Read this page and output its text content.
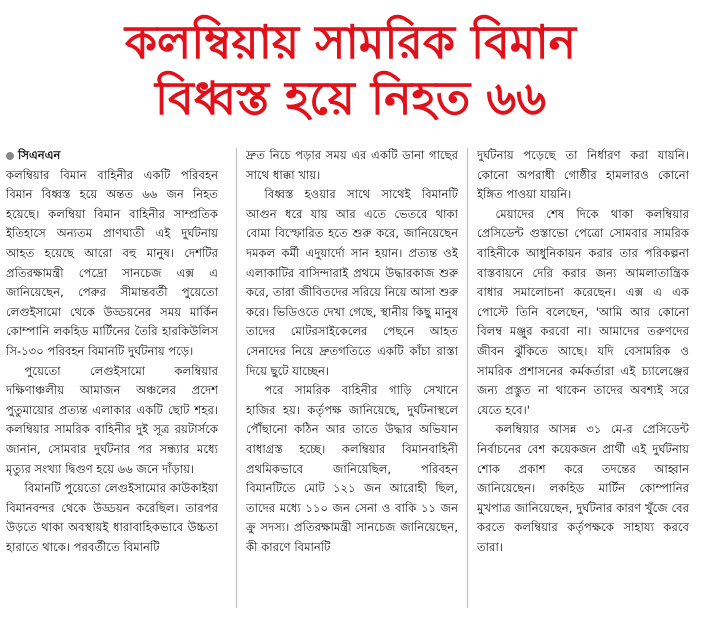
কলম্বিয়ায় সামরিক বিমান
বিধ্বস্ত হয়ে নিহত ৬৬
সিএনএন

কলম্বিয়ার বিমান বাহিনীর একটি পরিবহন বিমান বিধ্বস্ত হয়ে অন্তত ৬৬ জন নিহত হয়েছে। কলম্বিয়া বিমান বাহিনীর সাম্প্রতিক ইতিহাসে অন্যতম প্রাণঘাতী এই দুর্ঘটনায় আহত হয়েছে আরো বহু মানুষ। দেশটির প্রতিরক্ষামন্ত্রী পেদ্রো সানচেজ এক্স এ জানিয়েছেন, পেরুর সীমান্তবর্তী পুয়েতো লেগুইসামো থেকে উড্ডয়নের সময় মার্কিন কোম্পানি লকহিড মার্টিনের তৈরি হারকিউলিস সি-১৩০ পরিবহন বিমানটি দুর্ঘটনায় পড়ে।

পুয়েতো লেগুইসামো কলম্বিয়ার দক্ষিণাঞ্চলীয় আমাজন অঞ্চলের প্রদেশ পুতুমায়োর প্রত্যন্ত এলাকার একটি ছোট শহর। কলম্বিয়ার সামরিক বাহিনীর দুই সূত্র রয়টার্সকে জানান, সোমবার দুর্ঘটনার পর সন্ধ্যার মধ্যে মৃত্যুর সংখ্যা দ্বিগুণ হয়ে ৬৬ জনে দাঁড়ায়।

বিমানটি পুয়েতো লেগুইসামোর কাউকাইয়া বিমানবন্দর থেকে উড্ডয়ন করেছিল। তারপর উড়তে থাকা অবস্থায়ই ধারাবাহিকভাবে উচ্চতা হারাতে থাকে। পরবর্তীতে বিমানটি

দ্রুত নিচে পড়ার সময় এর একটি ডানা গাছের সাথে ধাক্কা খায়।

বিধ্বস্ত হওয়ার সাথে সাথেই বিমানটি আগুন ধরে যায় আর এতে ভেতরে থাকা বোমা বিস্ফোরিত হতে শুরু করে, জানিয়েছেন দমকল কর্মী এদুয়ার্দো সান হয়ান। প্রত্যন্ত ওই এলাকাটির বাসিন্দারাই প্রথমে উদ্ধারকাজ শুরু করে, তারা জীবিতদের সরিয়ে নিয়ে আসা শুরু করে। ভিডিওতে দেখা গেছে, স্থানীয় কিছু মানুষ তাদের মোটরসাইকেলের পেছনে আহত সেনাদের নিয়ে দ্রুতগতিতে একটি কাঁচা রাস্তা দিয়ে ছুটে যাচ্ছেন।

পরে সামরিক বাহিনীর গাড়ি সেখানে হাজির হয়। কর্তৃপক্ষ জানিয়েছে, দুর্ঘটনাস্থলে পৌঁছানো কঠিন আর তাতে উদ্ধার অভিযান বাধাগ্রস্ত হচ্ছে। কলম্বিয়ার বিমানবাহিনী প্রথমিকভাবে জানিয়েছিল, পরিবহন বিমানটিতে মোট ১২১ জন আরোহী ছিল, তাদের মধ্যে ১১০ জন সেনা ও বাকি ১১ জন ক্রু সদস্য। প্রতিরক্ষামন্ত্রী সানচেজ জানিয়েছেন, কী কারণে বিমানটি

দুর্ঘটনায় পড়েছে তা নির্ধারণ করা যায়নি। কোনো অপরাধী গোষ্ঠীর হামলারও কোনো ইঙ্গিত পাওয়া যায়নি।

মেয়াদের শেষ দিকে থাকা কলম্বিয়ার প্রেসিডেন্ট গুস্তাভো পেত্রো সোমবার সামরিক বাহিনীকে আধুনিকায়ন করার তার পরিকল্পনা বাস্তবায়নে দেরি করার জন্য আমলাতান্ত্রিক বাধার সমালোচনা করেছেন। এক্স এ এক পোস্টে তিনি বলেছেন, 'আমি আর কোনো বিলম্ব মঞ্জুর করবো না। আমাদের তরুণদের জীবন ঝুঁকিতে আছে। যদি বেসামরিক ও সামরিক প্রশাসনের কর্মকর্তারা এই চ্যালেঞ্জের জন্য প্রস্তুত না থাকেন তাদের অবশ্যই সরে যেতে হবে।'

কলম্বিয়ার আসন্ন ৩১ মে-র প্রেসিডেন্ট নির্বাচনের বেশ কয়েকজন প্রার্থী এই দুর্ঘটনায় শোক প্রকাশ করে তদন্তের আহ্বান জানিয়েছেন। লকহিড মার্টিন কোম্পানির মুখপাত্র জানিয়েছেন, দুর্ঘটনার কারণ খুঁজে বের করতে কলম্বিয়ার কর্তৃপক্ষকে সাহায্য করবে তারা।
